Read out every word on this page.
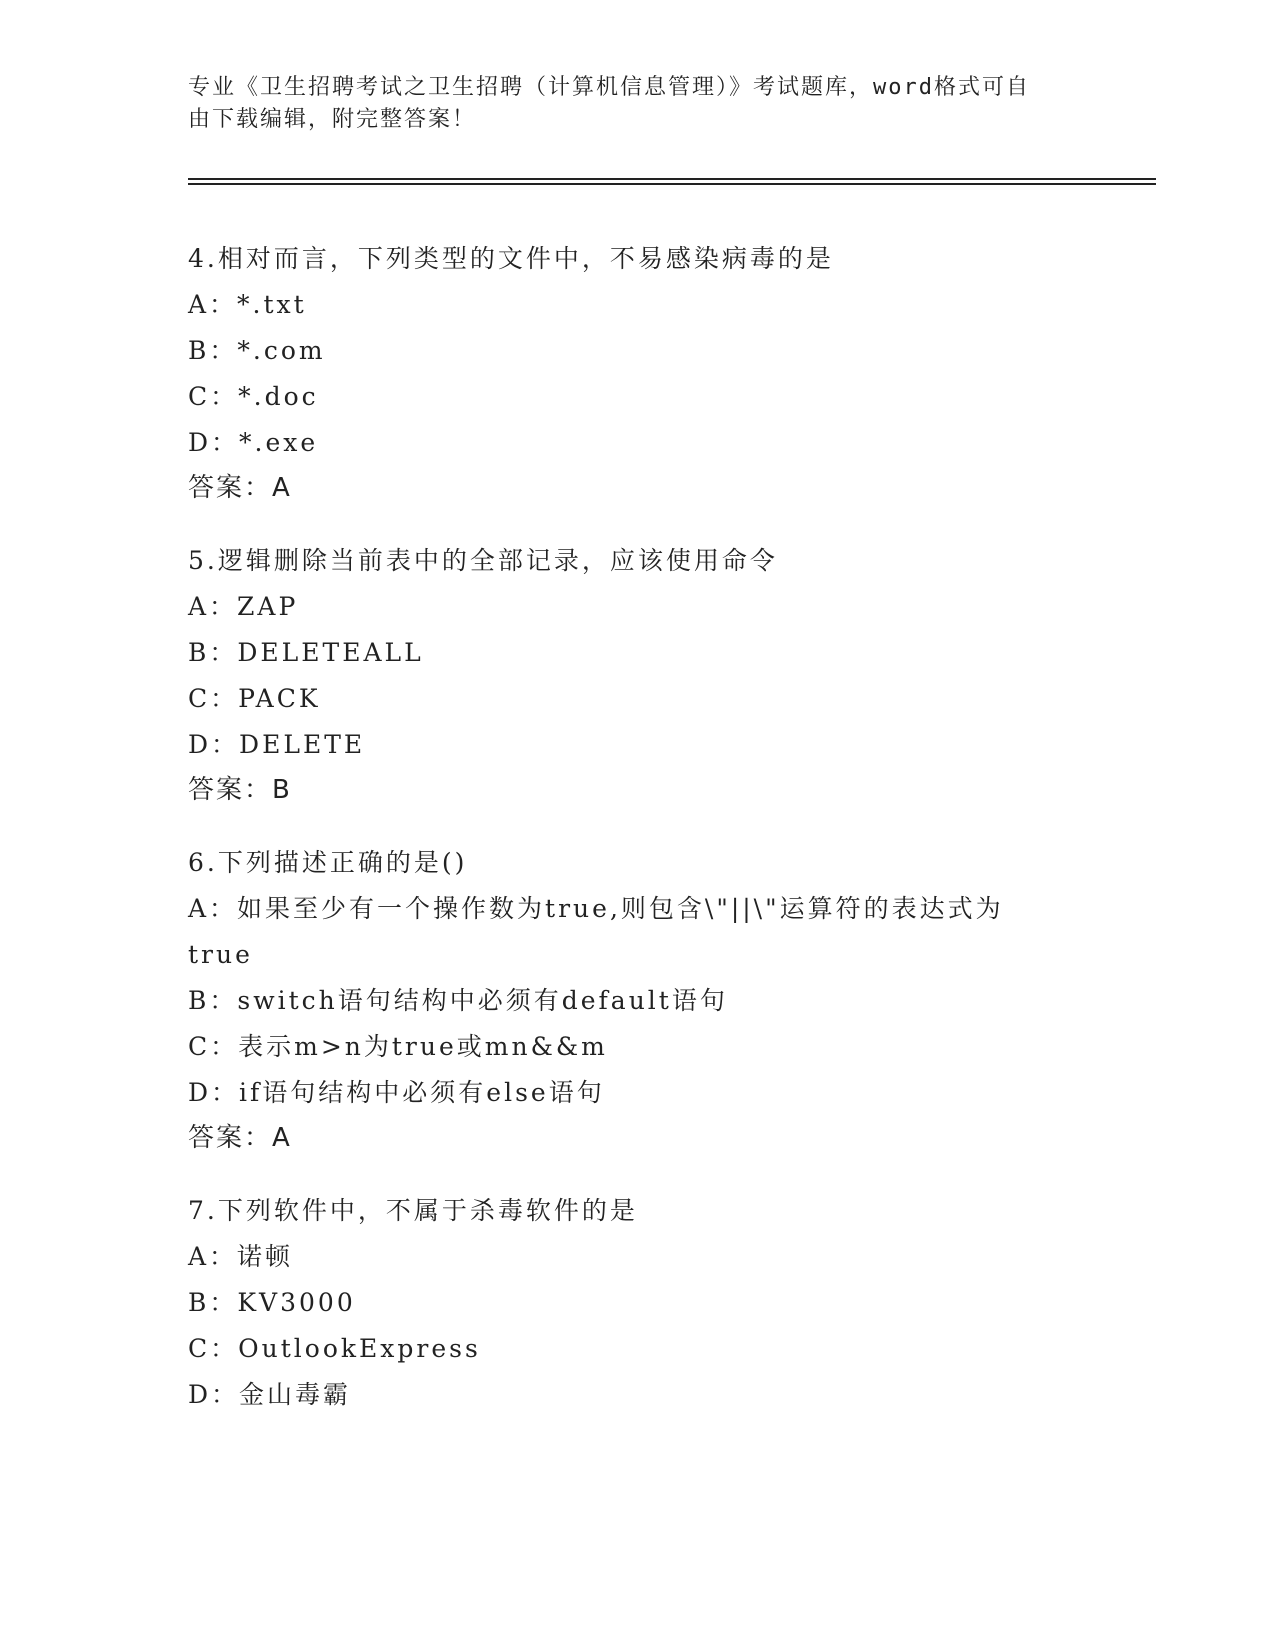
专业《卫生招聘考试之卫生招聘（计算机信息管理）》考试题库，word格式可自
由下载编辑，附完整答案！
4.相对而言，下列类型的文件中，不易感染病毒的是
A：*.txt
B：*.com
C：*.doc
D：*.exe
答案：A
5.逻辑删除当前表中的全部记录，应该使用命令
A：ZAP
B：DELETEALL
C：PACK
D：DELETE
答案：B
6.下列描述正确的是()
A：如果至少有一个操作数为true,则包含\"||\"运算符的表达式为
true
B：switch语句结构中必须有default语句
C：表示m>n为true或mn&&m
D：if语句结构中必须有else语句
答案：A
7.下列软件中，不属于杀毒软件的是
A：诺顿
B：KV3000
C：OutlookExpress
D：金山毒霸
